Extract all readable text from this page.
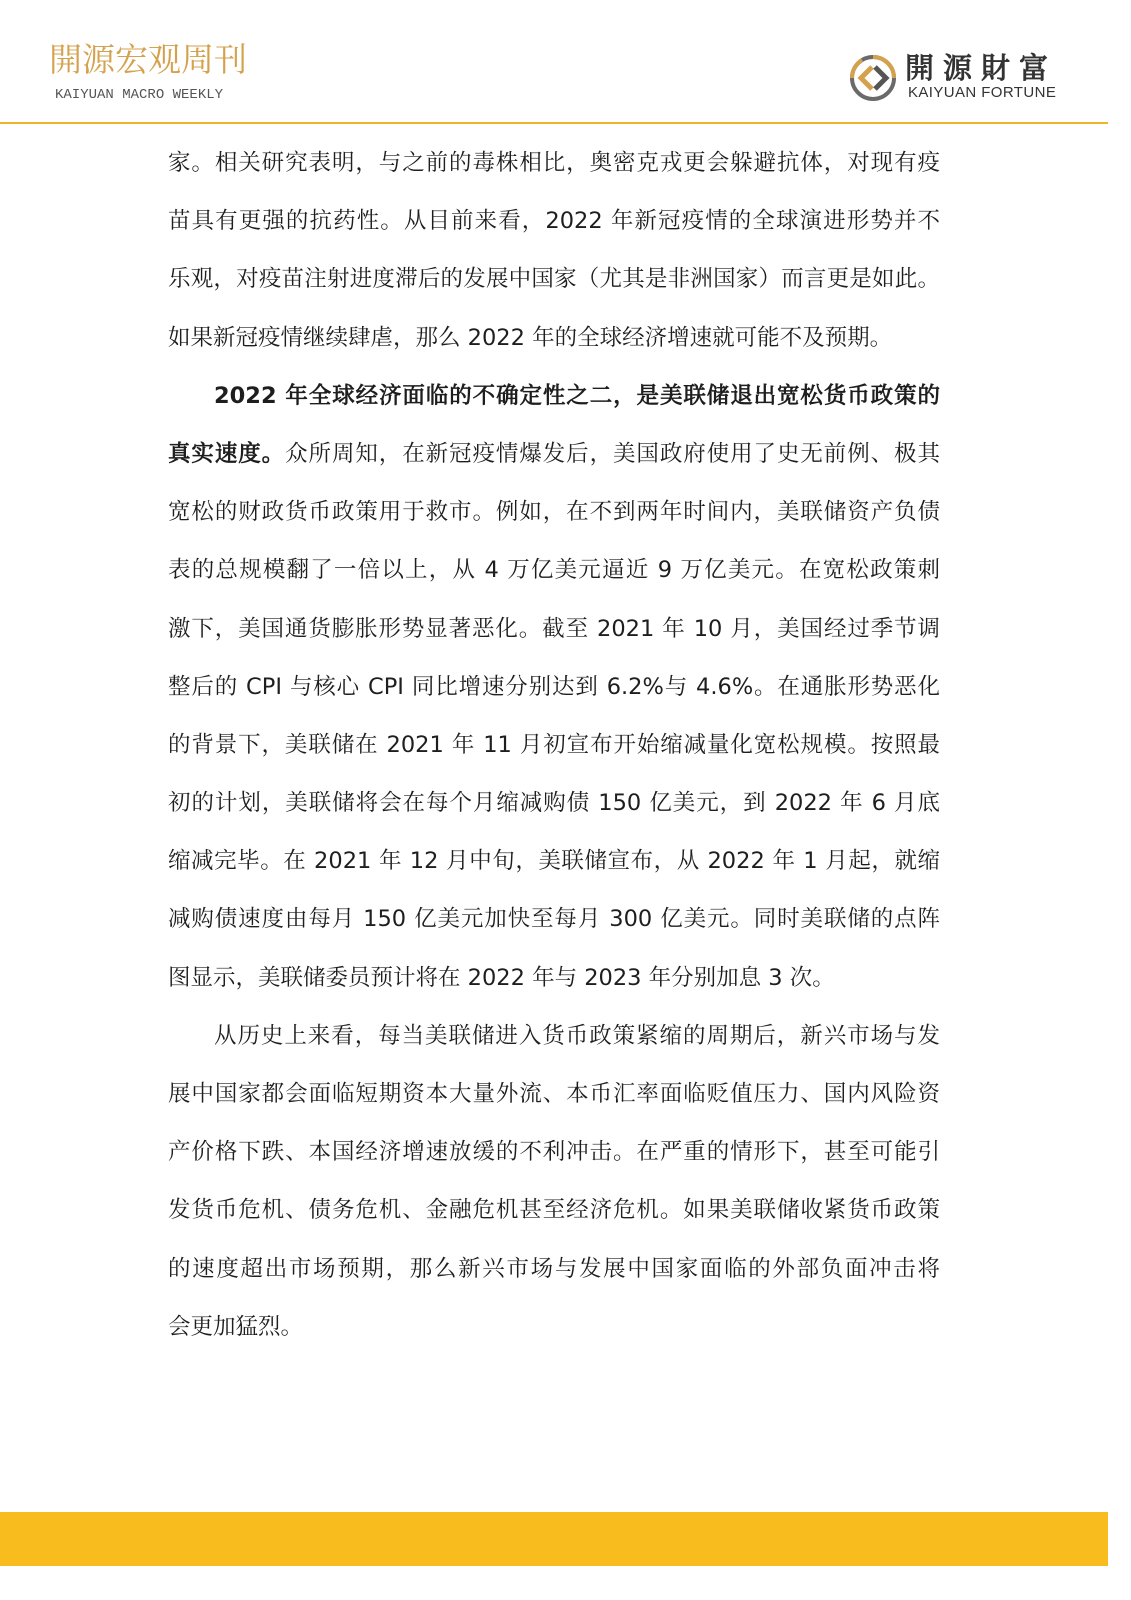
開源宏观周刊
KAIYUAN MACRO WEEKLY
開源財富
KAIYUAN FORTUNE
家。相关研究表明，与之前的毒株相比，奥密克戎更会躲避抗体，对现有疫
苗具有更强的抗药性。从目前来看，2022 年新冠疫情的全球演进形势并不
乐观，对疫苗注射进度滞后的发展中国家（尤其是非洲国家）而言更是如此。
如果新冠疫情继续肆虐，那么 2022 年的全球经济增速就可能不及预期。
2022 年全球经济面临的不确定性之二，是美联储退出宽松货币政策的
真实速度。众所周知，在新冠疫情爆发后，美国政府使用了史无前例、极其
宽松的财政货币政策用于救市。例如，在不到两年时间内，美联储资产负债
表的总规模翻了一倍以上，从 4 万亿美元逼近 9 万亿美元。在宽松政策刺
激下，美国通货膨胀形势显著恶化。截至 2021 年 10 月，美国经过季节调
整后的 CPI 与核心 CPI 同比增速分别达到 6.2%与 4.6%。在通胀形势恶化
的背景下，美联储在 2021 年 11 月初宣布开始缩减量化宽松规模。按照最
初的计划，美联储将会在每个月缩减购债 150 亿美元，到 2022 年 6 月底
缩减完毕。在 2021 年 12 月中旬，美联储宣布，从 2022 年 1 月起，就缩
减购债速度由每月 150 亿美元加快至每月 300 亿美元。同时美联储的点阵
图显示，美联储委员预计将在 2022 年与 2023 年分别加息 3 次。
从历史上来看，每当美联储进入货币政策紧缩的周期后，新兴市场与发
展中国家都会面临短期资本大量外流、本币汇率面临贬值压力、国内风险资
产价格下跌、本国经济增速放缓的不利冲击。在严重的情形下，甚至可能引
发货币危机、债务危机、金融危机甚至经济危机。如果美联储收紧货币政策
的速度超出市场预期，那么新兴市场与发展中国家面临的外部负面冲击将
会更加猛烈。
